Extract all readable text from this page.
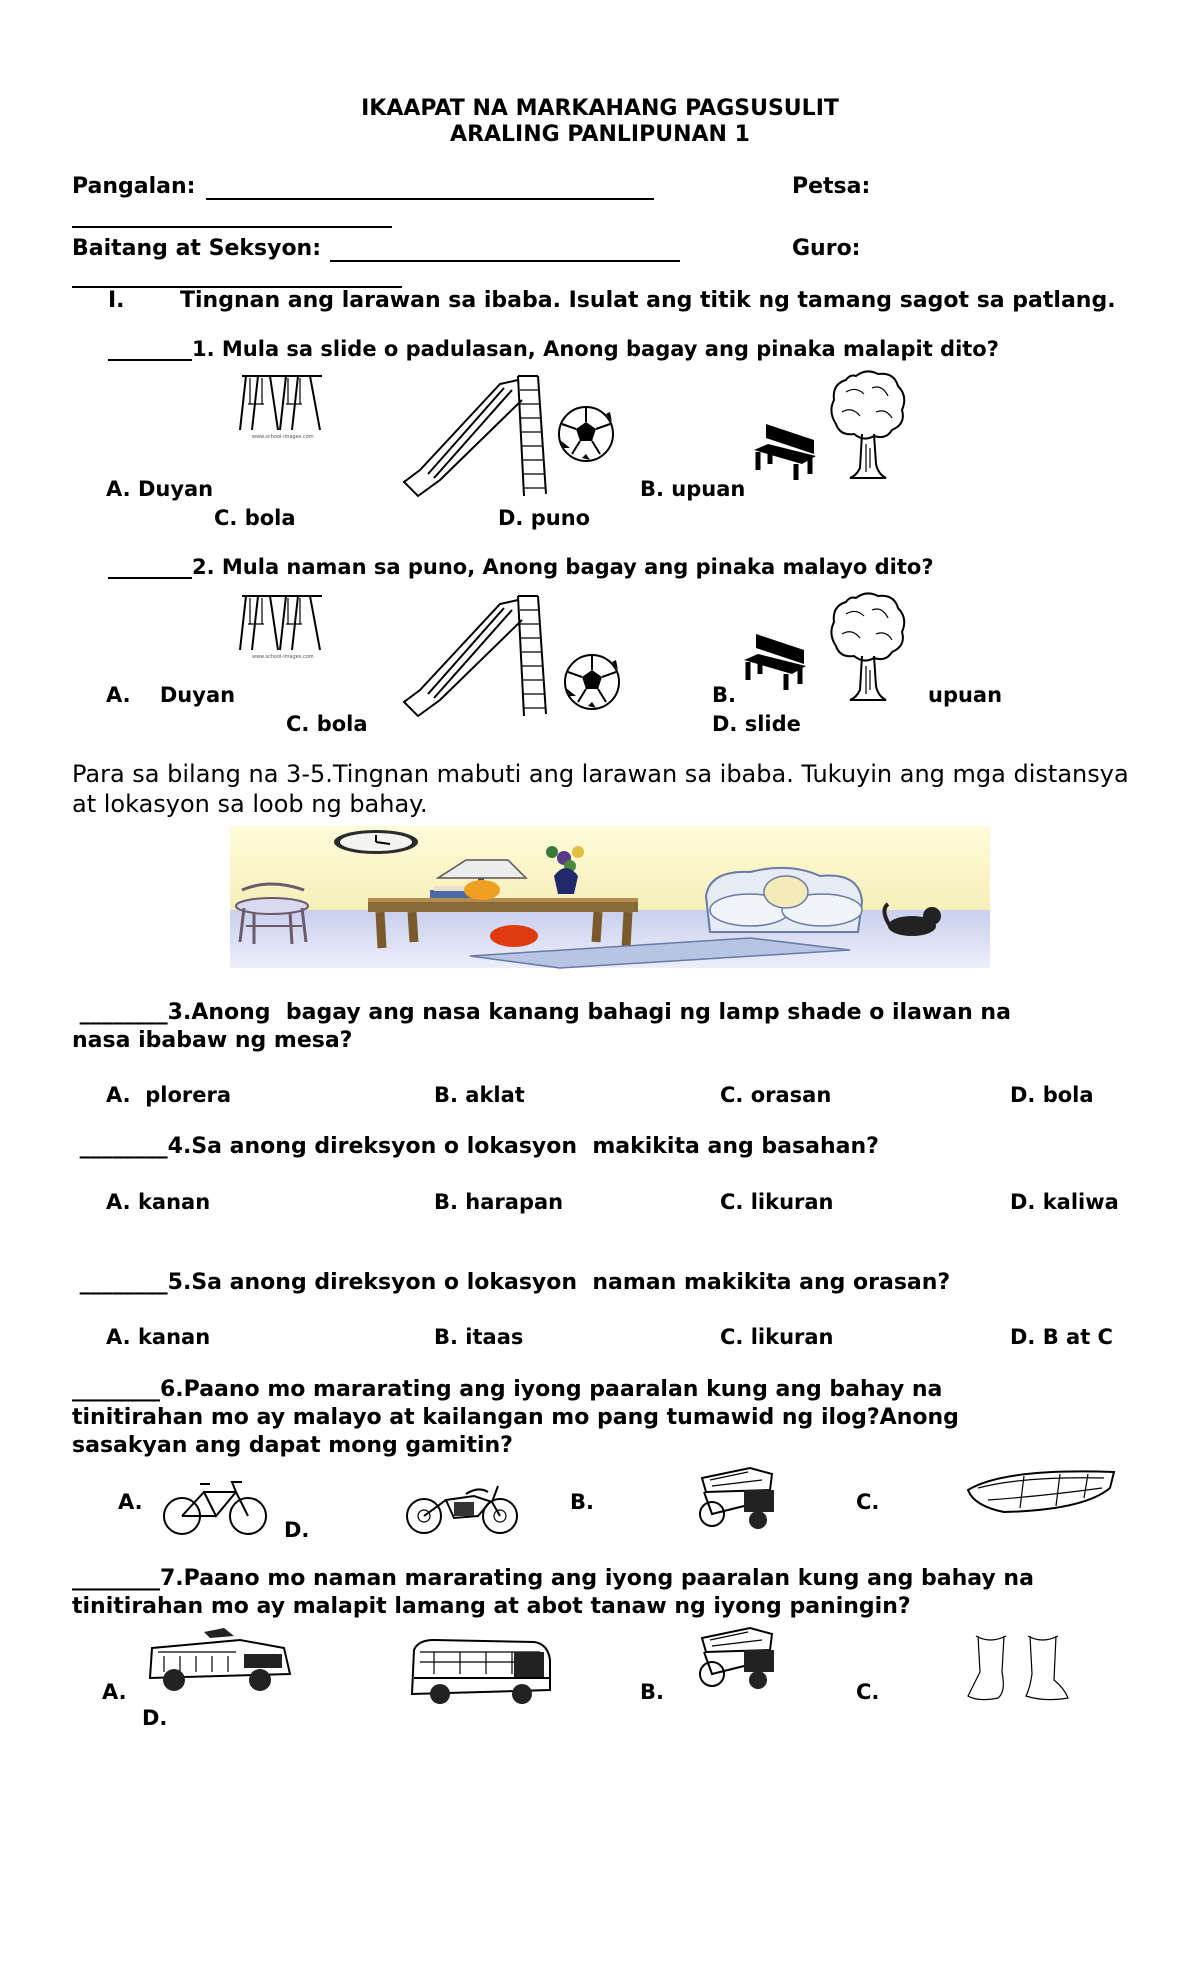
IKAAPAT NA MARKAHANG PAGSUSULIT
ARALING PANLIPUNAN 1
Pangalan:	Petsa:
Baitang at Seksyon:	Guro:
I.	Tingnan ang larawan sa ibaba. Isulat ang titik ng tamang sagot sa patlang.
________1. Mula sa slide o padulasan, Anong bagay ang pinaka malapit dito?
www.school-images.com
A. Duyan	B. upuan
C. bola	D. puno
________2. Mula naman sa puno, Anong bagay ang pinaka malayo dito?
www.school-images.com
A. Duyan	B.	upuan
C. bola	D. slide
Para sa bilang na 3-5.Tingnan mabuti ang larawan sa ibaba. Tukuyin ang mga distansya
at lokasyon sa loob ng bahay.
________3.Anong  bagay ang nasa kanang bahagi ng lamp shade o ilawan na
nasa ibabaw ng mesa?
A. plorera	B. aklat	C. orasan	D. bola
________4.Sa anong direksyon o lokasyon  makikita ang basahan?
A. kanan	B. harapan	C. likuran	D. kaliwa
________5.Sa anong direksyon o lokasyon  naman makikita ang orasan?
A. kanan	B. itaas	C. likuran	D. B at C
________6.Paano mo mararating ang iyong paaralan kung ang bahay na
tinitirahan mo ay malayo at kailangan mo pang tumawid ng ilog?Anong
sasakyan ang dapat mong gamitin?
A.
D.
B.	C.
________7.Paano mo naman mararating ang iyong paaralan kung ang bahay na
tinitirahan mo ay malapit lamang at abot tanaw ng iyong paningin?
A.
D.
B.	C.
